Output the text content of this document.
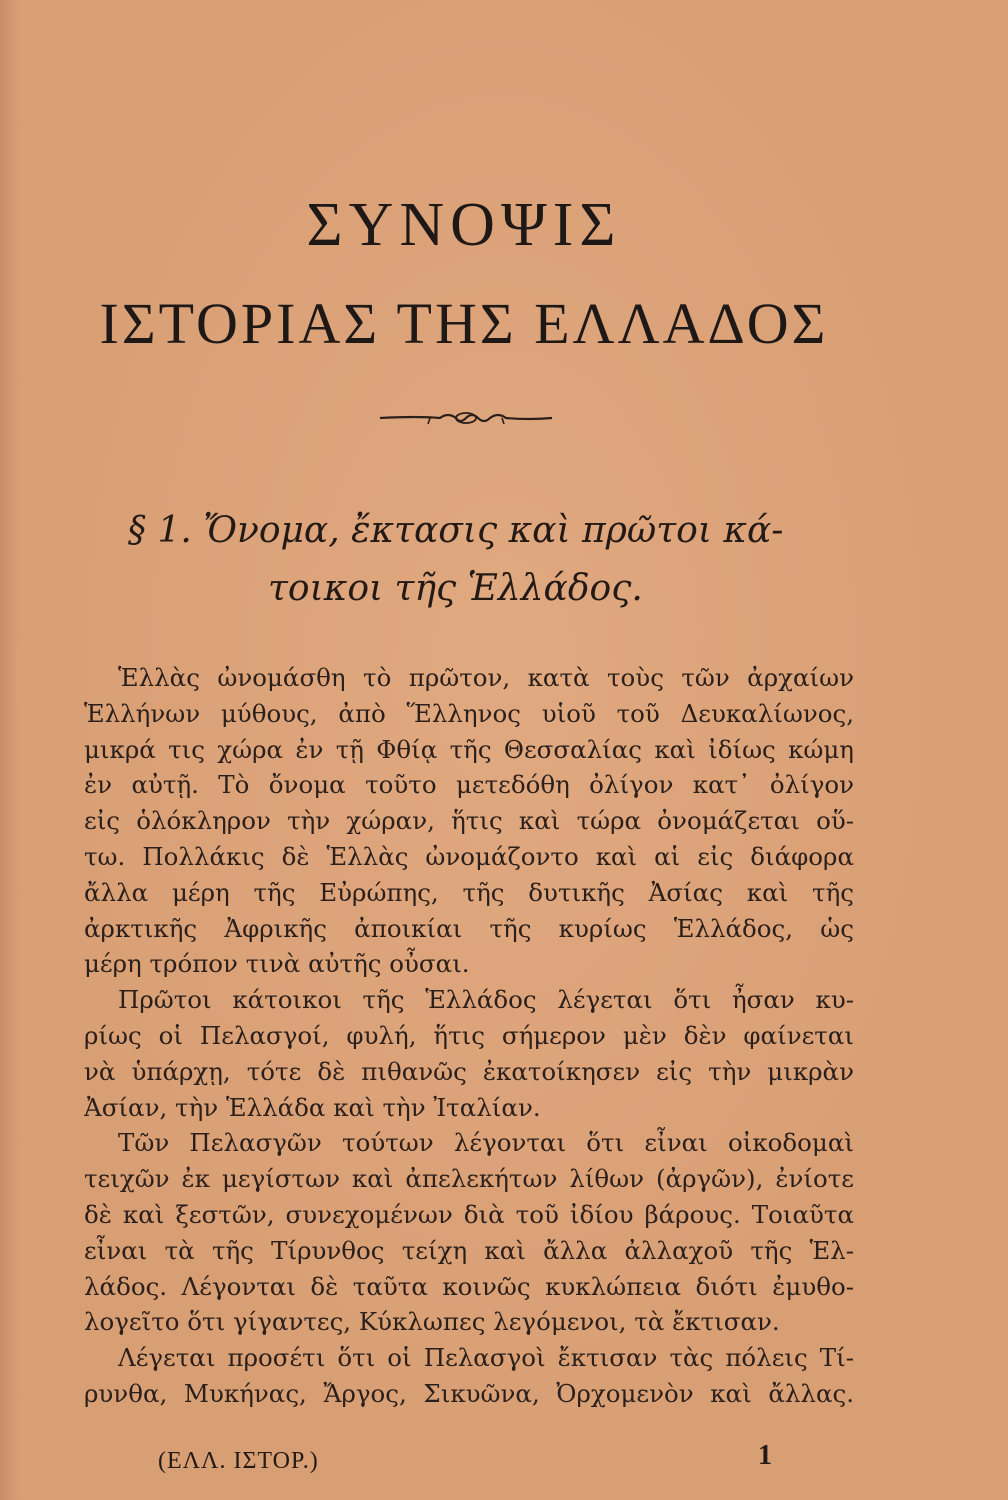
ΣΥΝΟΨΙΣ
ΙΣΤΟΡΙΑΣ ΤΗΣ ΕΛΛΑΔΟΣ
§ 1. Ὄνομα, ἔκτασις καὶ πρῶτοι κά-
τοικοι τῆς Ἑλλάδος.
Ἑλλὰς ὠνομάσθη τὸ πρῶτον, κατὰ τοὺς τῶν ἀρχαίων
Ἑλλήνων μύθους, ἀπὸ Ἕλληνος υἱοῦ τοῦ Δευκαλίωνος,
μικρά τις χώρα ἐν τῇ Φθίᾳ τῆς Θεσσαλίας καὶ ἰδίως κώμη
ἐν αὐτῇ. Τὸ ὄνομα τοῦτο μετεδόθη ὀλίγον κατ᾽ ὀλίγον
εἰς ὁλόκληρον τὴν χώραν, ἥτις καὶ τώρα ὀνομάζεται οὕ-
τω. Πολλάκις δὲ Ἑλλὰς ὠνομάζοντο καὶ αἱ εἰς διάφορα
ἄλλα μέρη τῆς Εὐρώπης, τῆς δυτικῆς Ἀσίας καὶ τῆς
ἀρκτικῆς Ἀφρικῆς ἀποικίαι τῆς κυρίως Ἑλλάδος, ὡς
μέρη τρόπον τινὰ αὐτῆς οὖσαι.
Πρῶτοι κάτοικοι τῆς Ἑλλάδος λέγεται ὅτι ἦσαν κυ-
ρίως οἱ Πελασγοί, φυλή, ἥτις σήμερον μὲν δὲν φαίνεται
νὰ ὑπάρχῃ, τότε δὲ πιθανῶς ἐκατοίκησεν εἰς τὴν μικρὰν
Ἀσίαν, τὴν Ἑλλάδα καὶ τὴν Ἰταλίαν.
Τῶν Πελασγῶν τούτων λέγονται ὅτι εἶναι οἰκοδομαὶ
τειχῶν ἐκ μεγίστων καὶ ἀπελεκήτων λίθων (ἀργῶν), ἐνίοτε
δὲ καὶ ξεστῶν, συνεχομένων διὰ τοῦ ἰδίου βάρους. Τοιαῦτα
εἶναι τὰ τῆς Τίρυνθος τείχη καὶ ἄλλα ἀλλαχοῦ τῆς Ἑλ-
λάδος. Λέγονται δὲ ταῦτα κοινῶς κυκλώπεια διότι ἐμυθο-
λογεῖτο ὅτι γίγαντες, Κύκλωπες λεγόμενοι, τὰ ἔκτισαν.
Λέγεται προσέτι ὅτι οἱ Πελασγοὶ ἔκτισαν τὰς πόλεις Τί-
ρυνθα, Μυκήνας, Ἄργος, Σικυῶνα, Ὀρχομενὸν καὶ ἄλλας.
(ΕΛΛ. ΙΣΤΟΡ.)	1
